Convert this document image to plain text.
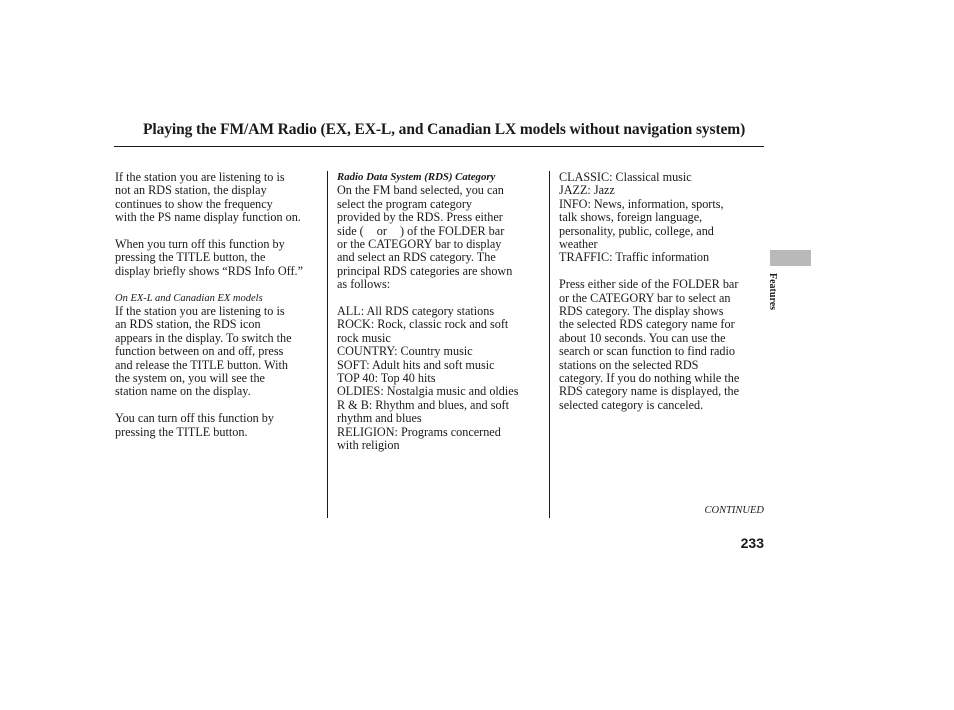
Playing the FM/AM Radio (EX, EX-L, and Canadian LX models without navigation system)

If the station you are listening to is

not an RDS station, the display

continues to show the frequency

with the PS name display function on.

When you turn off this function by

pressing the TITLE button, the

display briefly shows “RDS Info Off.”

On EX-L and Canadian EX models

If the station you are listening to is

an RDS station, the RDS icon

appears in the display. To switch the

function between on and off, press

and release the TITLE button. With

the system on, you will see the

station name on the display.

You can turn off this function by

pressing the TITLE button.

Radio Data System (RDS) Category

On the FM band selected, you can

select the program category

provided by the RDS. Press either

side ( or ) of the FOLDER bar

or the CATEGORY bar to display

and select an RDS category. The

principal RDS categories are shown

as follows:

ALL: All RDS category stations

ROCK: Rock, classic rock and soft

rock music

COUNTRY: Country music

SOFT: Adult hits and soft music

TOP 40: Top 40 hits

OLDIES: Nostalgia music and oldies

R & B: Rhythm and blues, and soft

rhythm and blues

RELIGION: Programs concerned

with religion

CLASSIC: Classical music

JAZZ: Jazz

INFO: News, information, sports,

talk shows, foreign language,

personality, public, college, and

weather

TRAFFIC: Traffic information

Press either side of the FOLDER bar

or the CATEGORY bar to select an

RDS category. The display shows

the selected RDS category name for

about 10 seconds. You can use the

search or scan function to find radio

stations on the selected RDS

category. If you do nothing while the

RDS category name is displayed, the

selected category is canceled.

Features
CONTINUED
233
